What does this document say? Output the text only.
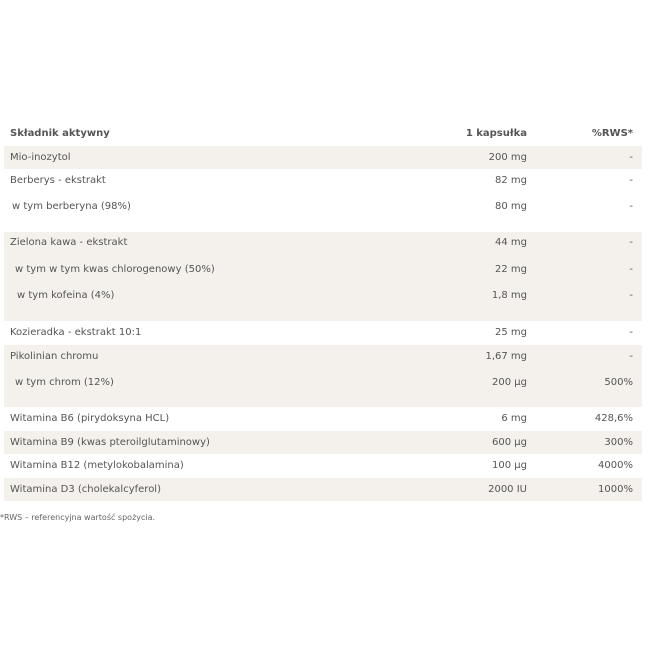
Składnik aktywny	1 kapsułka	%RWS*
Mio-inozytol	200 mg	-
Berberys - ekstrakt	82 mg	-
w tym berberyna (98%)	80 mg	-
Zielona kawa - ekstrakt	44 mg	-
w tym w tym kwas chlorogenowy (50%)	22 mg	-
w tym kofeina (4%)	1,8 mg	-
Kozieradka - ekstrakt 10:1	25 mg	-
Pikolinian chromu	1,67 mg	-
w tym chrom (12%)	200 µg	500%
Witamina B6 (pirydoksyna HCL)	6 mg	428,6%
Witamina B9 (kwas pteroilglutaminowy)	600 µg	300%
Witamina B12 (metylokobalamina)	100 µg	4000%
Witamina D3 (cholekalcyferol)	2000 IU	1000%
*RWS – referencyjna wartość spożycia.
